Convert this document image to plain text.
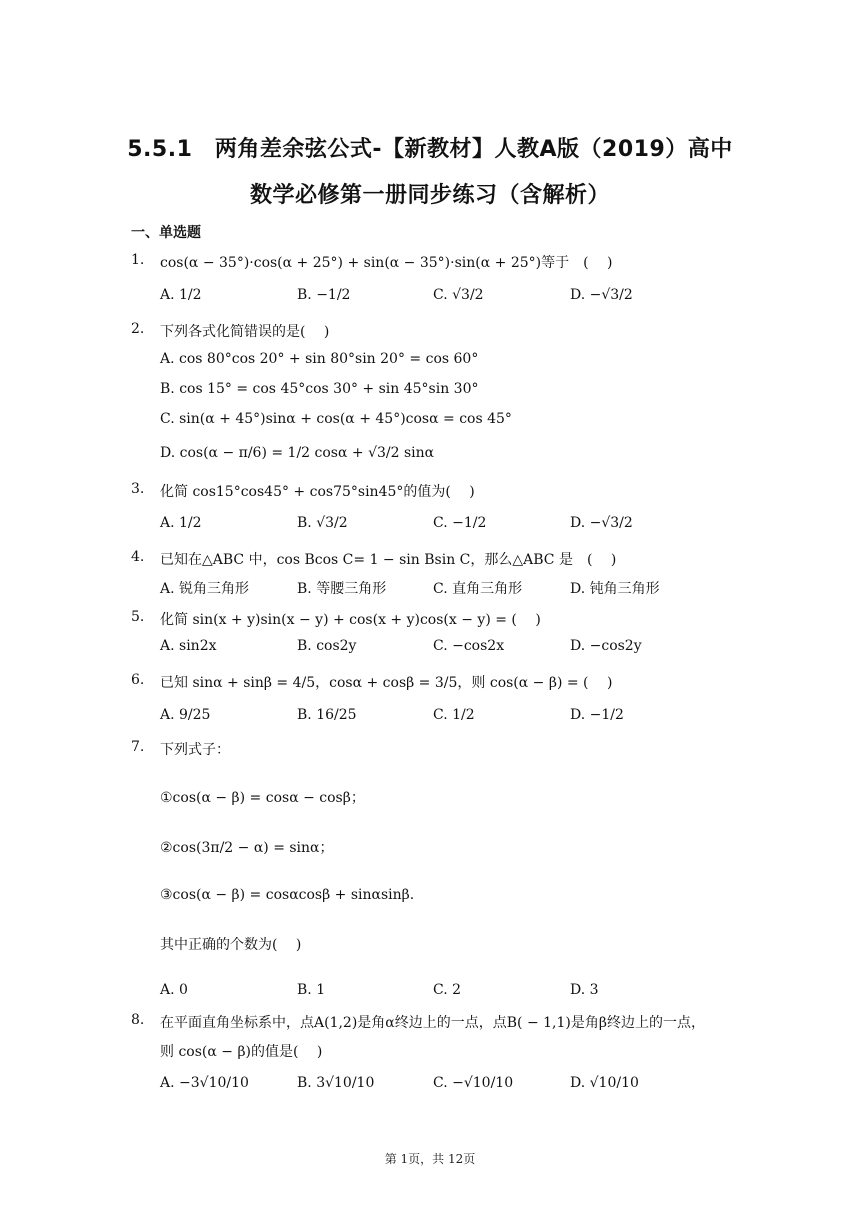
5.5.1　两角差余弦公式-【新教材】人教A版（2019）高中
数学必修第一册同步练习（含解析）
一、单选题
1. cos(α − 35°)·cos(α + 25°) + sin(α − 35°)·sin(α + 25°)等于　(　 )
A. 1/2	B. −1/2	C. √3/2	D. −√3/2
2. 下列各式化简错误的是(　 )
A. cos 80°cos 20° + sin 80°sin 20° = cos 60°
B. cos 15° = cos 45°cos 30° + sin 45°sin 30°
C. sin(α + 45°)sinα + cos(α + 45°)cosα = cos 45°
D. cos(α − π/6) = 1/2 cosα + √3/2 sinα
3. 化简 cos15°cos45° + cos75°sin45°的值为(　 )
A. 1/2	B. √3/2	C. −1/2	D. −√3/2
4. 已知在△ABC 中，cos Bcos C= 1 − sin Bsin C，那么△ABC 是　(　 )
A. 锐角三角形	B. 等腰三角形	C. 直角三角形	D. 钝角三角形
5. 化简 sin(x + y)sin(x − y) + cos(x + y)cos(x − y) = (　 )
A. sin2x	B. cos2y	C. −cos2x	D. −cos2y
6. 已知 sinα + sinβ = 4/5，cosα + cosβ = 3/5，则 cos(α − β) = (　 )
A. 9/25	B. 16/25	C. 1/2	D. −1/2
7. 下列式子：
①cos(α − β) = cosα − cosβ；
②cos(3π/2 − α) = sinα；
③cos(α − β) = cosαcosβ + sinαsinβ.
其中正确的个数为(　 )
A. 0	B. 1	C. 2	D. 3
8. 在平面直角坐标系中，点A(1,2)是角α终边上的一点，点B( − 1,1)是角β终边上的一点，
则 cos(α − β)的值是(　 )
A. −3√10/10	B. 3√10/10	C. −√10/10	D. √10/10
第 1页，共 12页
